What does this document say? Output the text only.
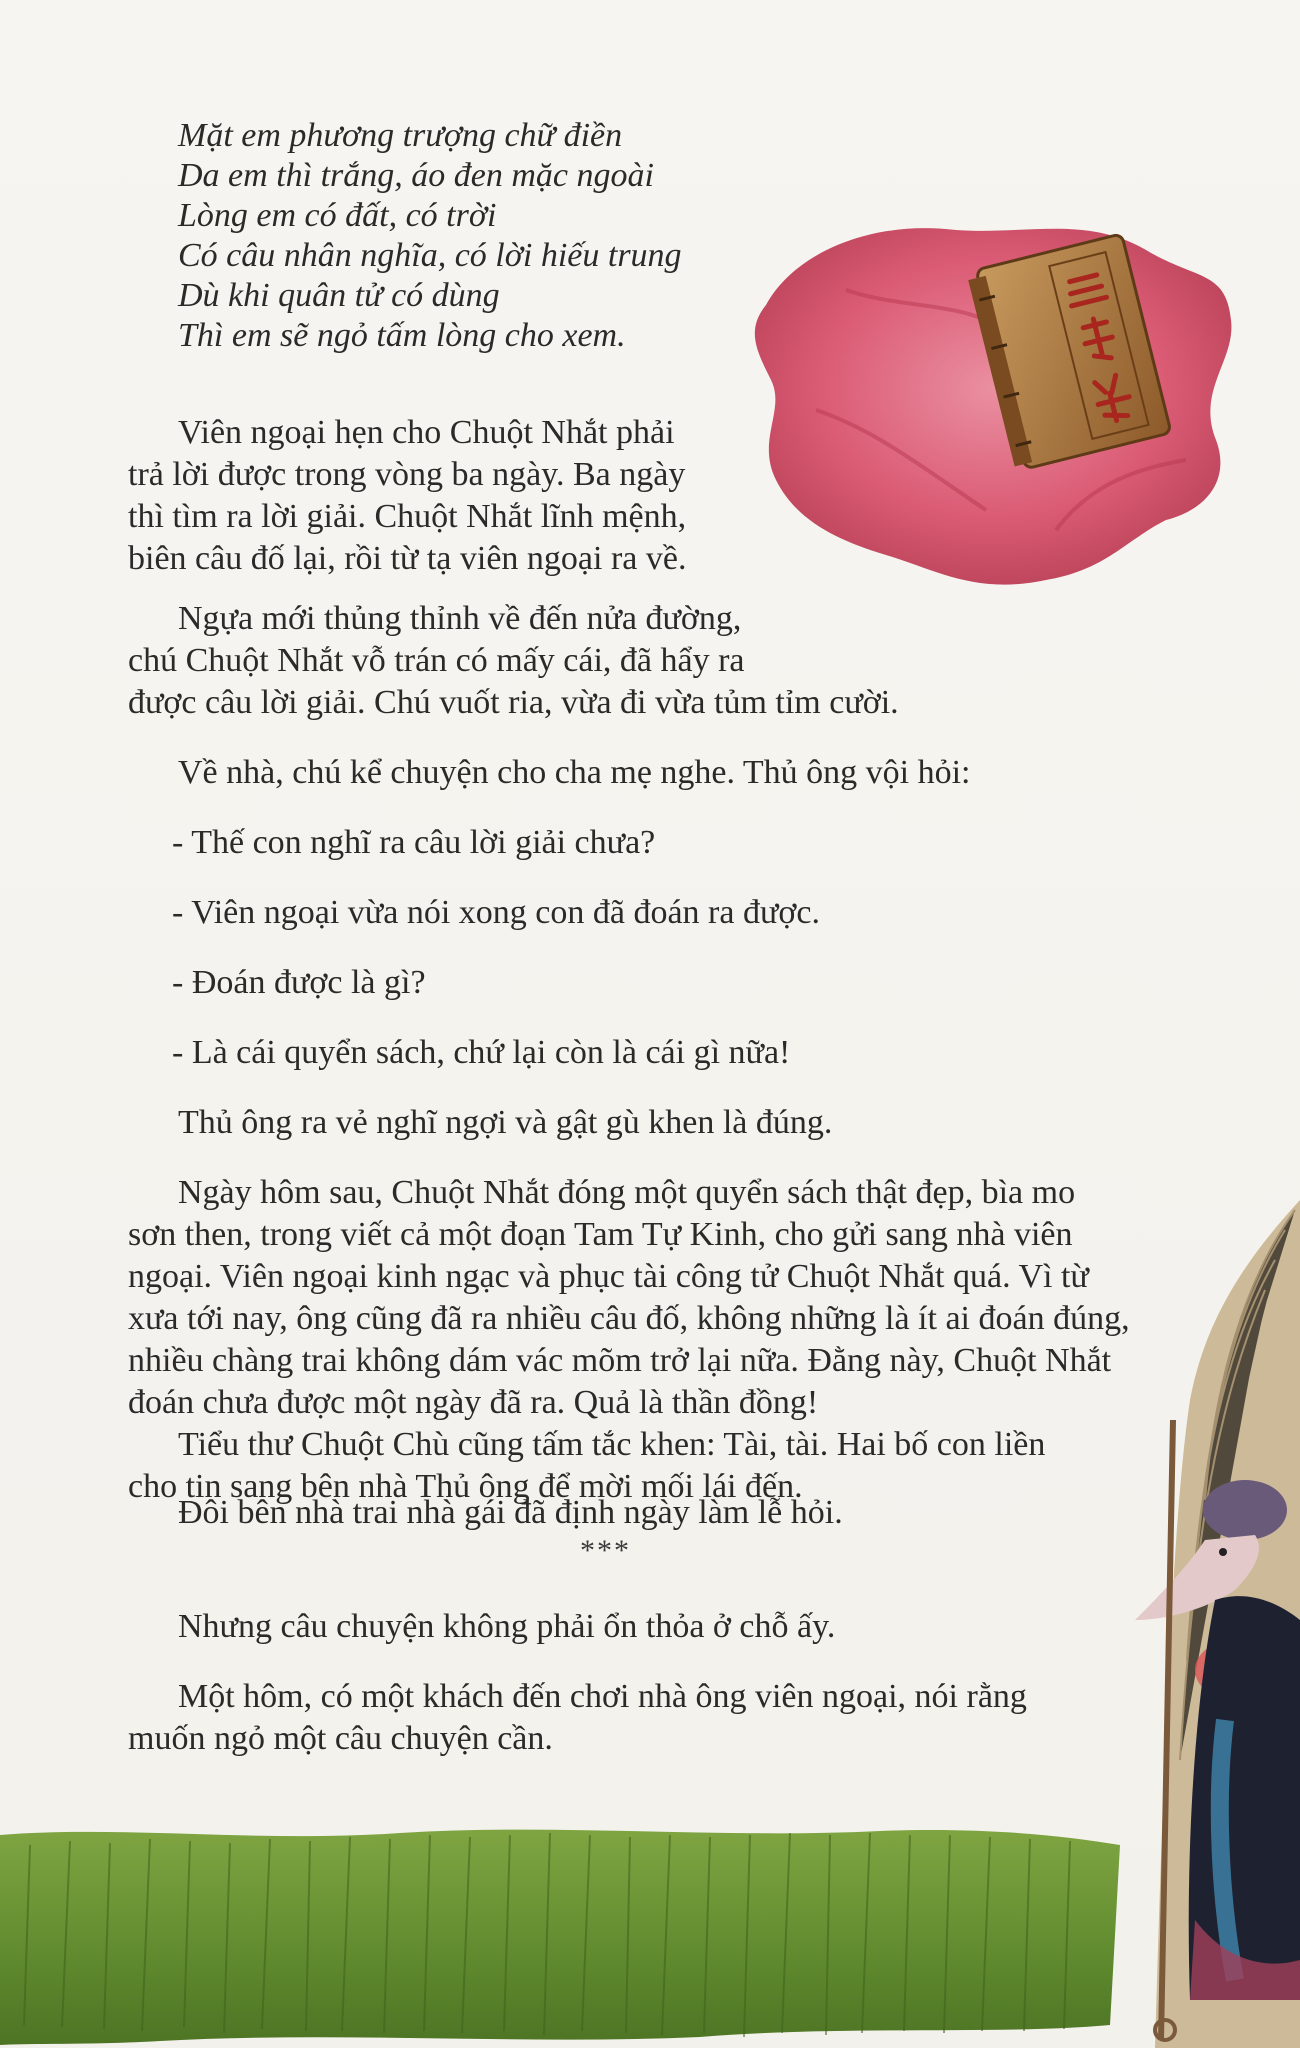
Mặt em phương trượng chữ điền
Da em thì trắng, áo đen mặc ngoài
Lòng em có đất, có trời
Có câu nhân nghĩa, có lời hiếu trung
Dù khi quân tử có dùng
Thì em sẽ ngỏ tấm lòng cho xem.

Viên ngoại hẹn cho Chuột Nhắt phải
trả lời được trong vòng ba ngày. Ba ngày
thì tìm ra lời giải. Chuột Nhắt lĩnh mệnh,
biên câu đố lại, rồi từ tạ viên ngoại ra về.

Ngựa mới thủng thỉnh về đến nửa đường,
chú Chuột Nhắt vỗ trán có mấy cái, đã hẩy ra
được câu lời giải. Chú vuốt ria, vừa đi vừa tủm tỉm cười.

Về nhà, chú kể chuyện cho cha mẹ nghe. Thủ ông vội hỏi:

- Thế con nghĩ ra câu lời giải chưa?

- Viên ngoại vừa nói xong con đã đoán ra được.

- Đoán được là gì?

- Là cái quyển sách, chứ lại còn là cái gì nữa!

Thủ ông ra vẻ nghĩ ngợi và gật gù khen là đúng.

Ngày hôm sau, Chuột Nhắt đóng một quyển sách thật đẹp, bìa mo
sơn then, trong viết cả một đoạn Tam Tự Kinh, cho gửi sang nhà viên
ngoại. Viên ngoại kinh ngạc và phục tài công tử Chuột Nhắt quá. Vì từ
xưa tới nay, ông cũng đã ra nhiều câu đố, không những là ít ai đoán đúng,
nhiều chàng trai không dám vác mõm trở lại nữa. Đằng này, Chuột Nhắt
đoán chưa được một ngày đã ra. Quả là thần đồng!

Tiểu thư Chuột Chù cũng tấm tắc khen: Tài, tài. Hai bố con liền
cho tin sang bên nhà Thủ ông để mời mối lái đến.

Đôi bên nhà trai nhà gái đã định ngày làm lễ hỏi.

***

Nhưng câu chuyện không phải ổn thỏa ở chỗ ấy.

Một hôm, có một khách đến chơi nhà ông viên ngoại, nói rằng
muốn ngỏ một câu chuyện cần.
